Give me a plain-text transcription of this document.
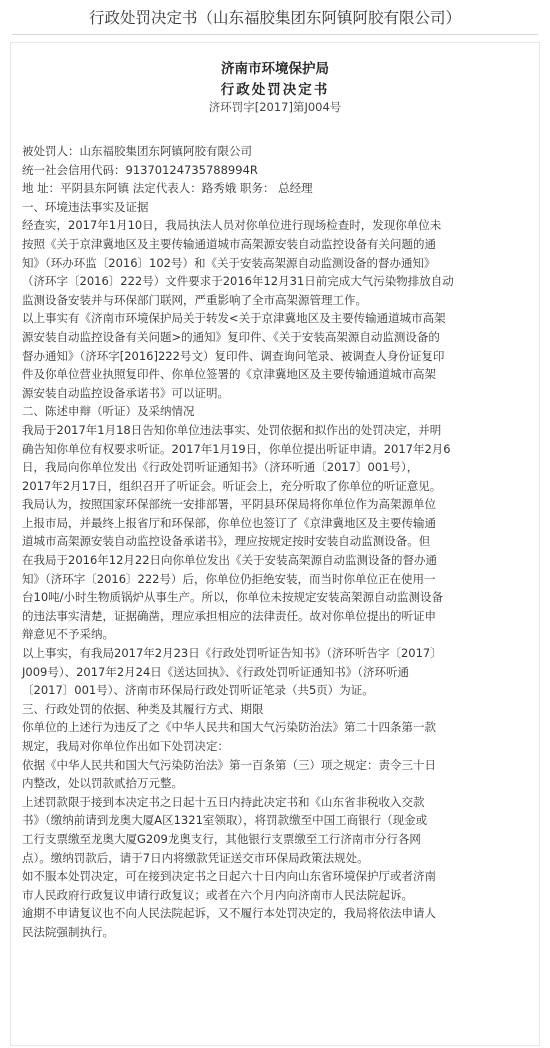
行政处罚决定书（山东福胶集团东阿镇阿胶有限公司）
济南市环境保护局
行政处罚决定书
济环罚字[2017]第J004号
被处罚人：山东福胶集团东阿镇阿胶有限公司
统一社会信用代码：91370124735788994R
地 址：平阴县东阿镇 法定代表人：路秀娥 职务： 总经理
一、环境违法事实及证据
经查实，2017年1月10日，我局执法人员对你单位进行现场检查时，发现你单位未
按照《关于京津冀地区及主要传输通道城市高架源安装自动监控设备有关问题的通
知》（环办环监〔2016〕102号）和《关于安装高架源自动监测设备的督办通知》
（济环字〔2016〕222号）文件要求于2016年12月31日前完成大气污染物排放自动
监测设备安装并与环保部门联网，严重影响了全市高架源管理工作。
以上事实有《济南市环境保护局关于转发<关于京津冀地区及主要传输通道城市高架
源安装自动监控设备有关问题>的通知》复印件、《关于安装高架源自动监测设备的
督办通知》（济环字[2016]222号文）复印件、调查询问笔录、被调查人身份证复印
件及你单位营业执照复印件、你单位签署的《京津冀地区及主要传输通道城市高架
源安装自动监控设备承诺书》可以证明。
二、陈述申辩（听证）及采纳情况
我局于2017年1月18日告知你单位违法事实、处罚依据和拟作出的处罚决定，并明
确告知你单位有权要求听证。2017年1月19日，你单位提出听证申请。2017年2月6
日，我局向你单位发出《行政处罚听证通知书》（济环听通〔2017〕001号），
2017年2月17日，组织召开了听证会。听证会上，充分听取了你单位的听证意见。
我局认为，按照国家环保部统一安排部署，平阴县环保局将你单位作为高架源单位
上报市局，并最终上报省厅和环保部，你单位也签订了《京津冀地区及主要传输通
道城市高架源安装自动监控设备承诺书》，理应按规定按时安装自动监测设备。但
在我局于2016年12月22日向你单位发出《关于安装高架源自动监测设备的督办通
知》（济环字〔2016〕222号）后，你单位仍拒绝安装，而当时你单位正在使用一
台10吨/小时生物质锅炉从事生产。所以，你单位未按规定安装高架源自动监测设备
的违法事实清楚，证据确凿，理应承担相应的法律责任。故对你单位提出的听证申
辩意见不予采纳。
以上事实，有我局2017年2月23日《行政处罚听证告知书》（济环听告字〔2017〕
J009号）、2017年2月24日《送达回执》、《行政处罚听证通知书》（济环听通
〔2017〕001号）、济南市环保局行政处罚听证笔录（共5页）为证。
三、行政处罚的依据、种类及其履行方式、期限
你单位的上述行为违反了之《中华人民共和国大气污染防治法》第二十四条第一款
规定，我局对你单位作出如下处罚决定：
依据《中华人民共和国大气污染防治法》第一百条第（三）项之规定：责令三十日
内整改，处以罚款贰拾万元整。
上述罚款限于接到本决定书之日起十五日内持此决定书和《山东省非税收入交款
书》（缴纳前请到龙奥大厦A区1321室领取），将罚款缴至中国工商银行（现金或
工行支票缴至龙奥大厦G209龙奥支行，其他银行支票缴至工行济南市分行各网
点）。缴纳罚款后，请于7日内将缴款凭证送交市环保局政策法规处。
如不服本处罚决定，可在接到决定书之日起六十日内向山东省环境保护厅或者济南
市人民政府行政复议申请行政复议；或者在六个月内向济南市人民法院起诉。
逾期不申请复议也不向人民法院起诉，又不履行本处罚决定的，我局将依法申请人
民法院强制执行。
